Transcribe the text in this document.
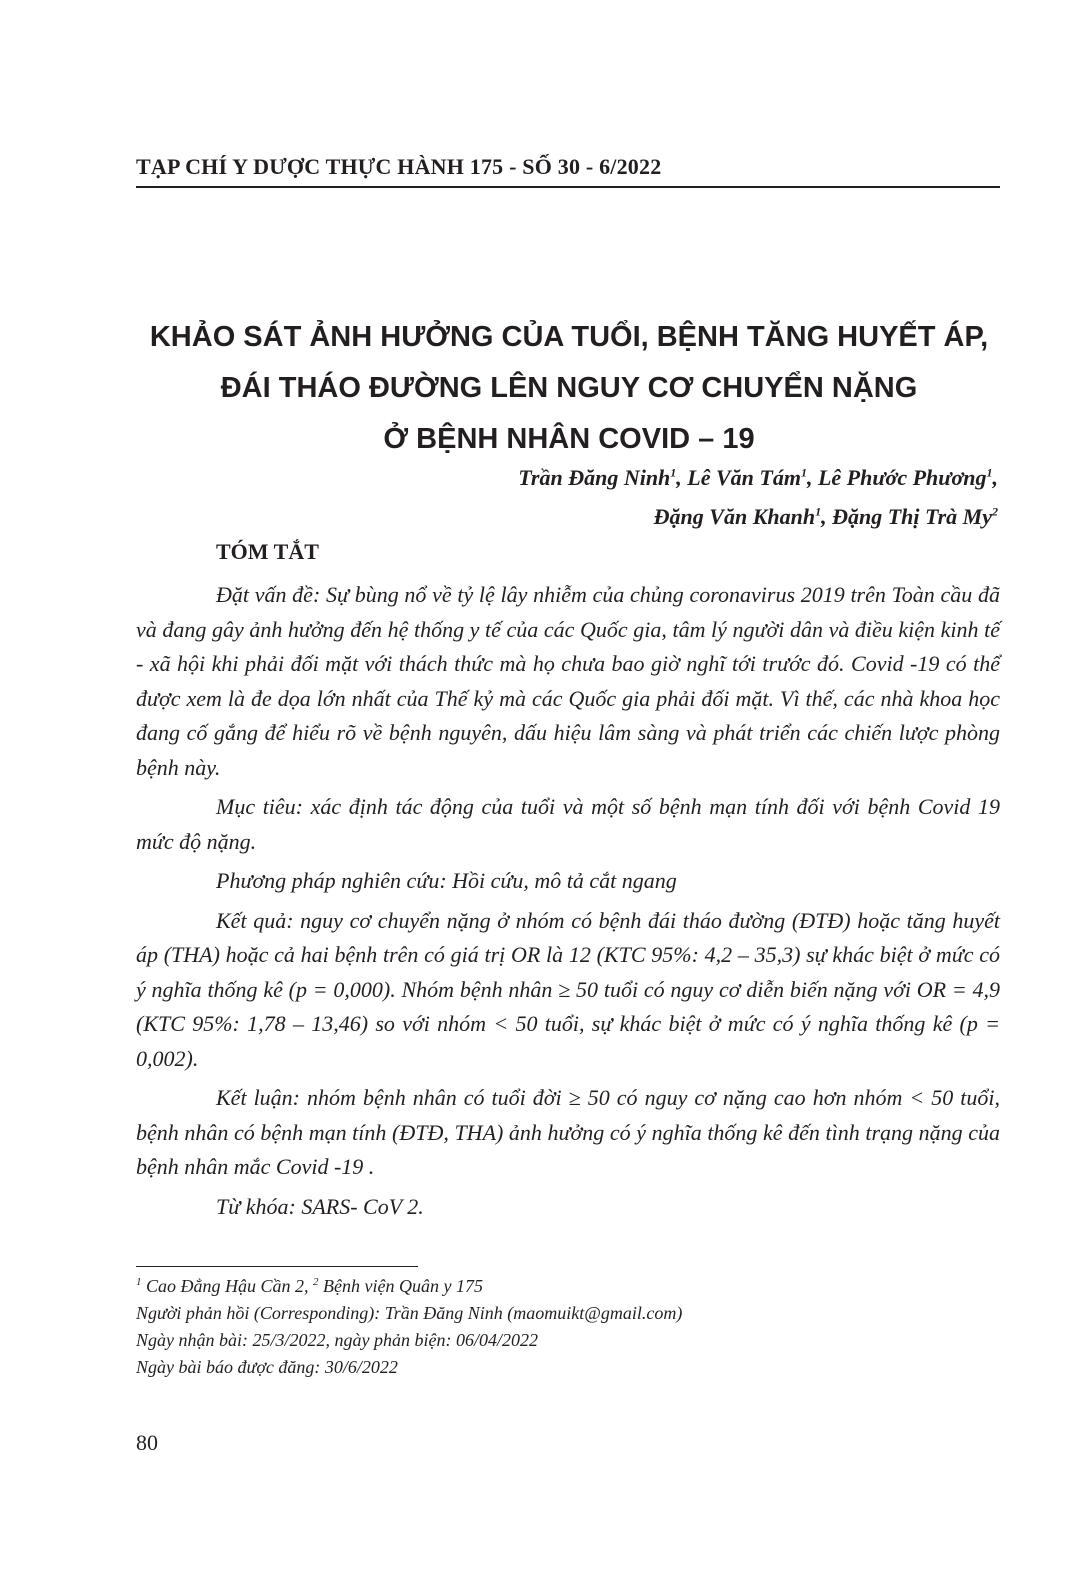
TẠP CHÍ Y DƯỢC THỰC HÀNH 175 - SỐ 30 - 6/2022
KHẢO SÁT ẢNH HƯỞNG CỦA TUỔI, BỆNH TĂNG HUYẾT ÁP,
ĐÁI THÁO ĐƯỜNG LÊN NGUY CƠ CHUYỂN NẶNG
Ở BỆNH NHÂN COVID – 19
Trần Đăng Ninh$^1$, Lê Văn Tám$^1$, Lê Phước Phương$^1$,
Đặng Văn Khanh$^1$, Đặng Thị Trà My$^2$
TÓM TẮT

Đặt vấn đề: Sự bùng nổ về tỷ lệ lây nhiễm của chủng coronavirus 2019 trên Toàn cầu đã và đang gây ảnh hưởng đến hệ thống y tế của các Quốc gia, tâm lý người dân và điều kiện kinh tế - xã hội khi phải đối mặt với thách thức mà họ chưa bao giờ nghĩ tới trước đó. Covid -19 có thể được xem là đe dọa lớn nhất của Thế kỷ mà các Quốc gia phải đối mặt. Vì thế, các nhà khoa học đang cố gắng để hiểu rõ về bệnh nguyên, dấu hiệu lâm sàng và phát triển các chiến lược phòng bệnh này.

Mục tiêu: xác định tác động của tuổi và một số bệnh mạn tính đối với bệnh Covid 19 mức độ nặng.

Phương pháp nghiên cứu: Hồi cứu, mô tả cắt ngang

Kết quả: nguy cơ chuyển nặng ở nhóm có bệnh đái tháo đường (ĐTĐ) hoặc tăng huyết áp (THA) hoặc cả hai bệnh trên có giá trị OR là 12 (KTC 95%: 4,2 – 35,3) sự khác biệt ở mức có ý nghĩa thống kê (p = 0,000). Nhóm bệnh nhân ≥ 50 tuổi có nguy cơ diễn biến nặng với OR = 4,9 (KTC 95%: 1,78 – 13,46) so với nhóm < 50 tuổi, sự khác biệt ở mức có ý nghĩa thống kê (p = 0,002).

Kết luận: nhóm bệnh nhân có tuổi đời ≥ 50 có nguy cơ nặng cao hơn nhóm < 50 tuổi, bệnh nhân có bệnh mạn tính (ĐTĐ, THA) ảnh hưởng có ý nghĩa thống kê đến tình trạng nặng của bệnh nhân mắc Covid -19 .

Từ khóa: SARS- CoV 2.

$^1$ Cao Đẳng Hậu Cần 2, $^2$ Bệnh viện Quân y 175
Người phản hồi (Corresponding): Trần Đăng Ninh (maomuikt@gmail.com)
Ngày nhận bài: 25/3/2022, ngày phản biện: 06/04/2022
Ngày bài báo được đăng: 30/6/2022
80
